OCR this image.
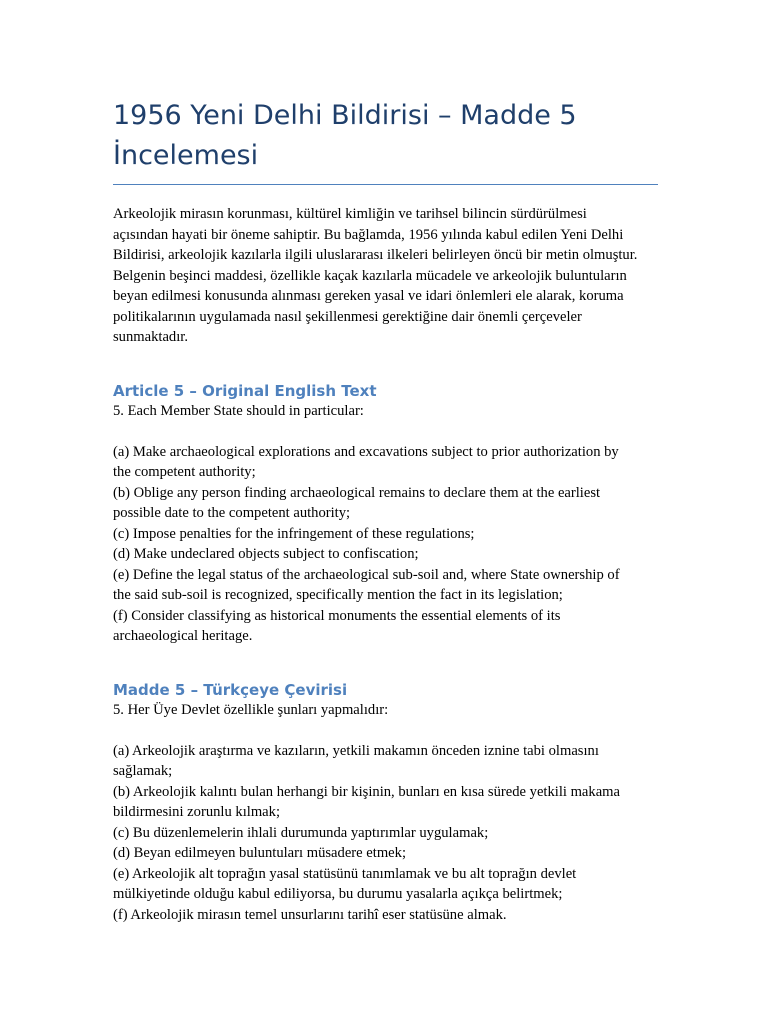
1956 Yeni Delhi Bildirisi – Madde 5
İncelemesi

Arkeolojik mirasın korunması, kültürel kimliğin ve tarihsel bilincin sürdürülmesi
açısından hayati bir öneme sahiptir. Bu bağlamda, 1956 yılında kabul edilen Yeni Delhi
Bildirisi, arkeolojik kazılarla ilgili uluslararası ilkeleri belirleyen öncü bir metin olmuştur.
Belgenin beşinci maddesi, özellikle kaçak kazılarla mücadele ve arkeolojik buluntuların
beyan edilmesi konusunda alınması gereken yasal ve idari önlemleri ele alarak, koruma
politikalarının uygulamada nasıl şekillenmesi gerektiğine dair önemli çerçeveler
sunmaktadır.

Article 5 – Original English Text

5. Each Member State should in particular:

(a) Make archaeological explorations and excavations subject to prior authorization by
the competent authority;
(b) Oblige any person finding archaeological remains to declare them at the earliest
possible date to the competent authority;
(c) Impose penalties for the infringement of these regulations;
(d) Make undeclared objects subject to confiscation;
(e) Define the legal status of the archaeological sub-soil and, where State ownership of
the said sub-soil is recognized, specifically mention the fact in its legislation;
(f) Consider classifying as historical monuments the essential elements of its
archaeological heritage.

Madde 5 – Türkçeye Çevirisi

5. Her Üye Devlet özellikle şunları yapmalıdır:

(a) Arkeolojik araştırma ve kazıların, yetkili makamın önceden iznine tabi olmasını
sağlamak;
(b) Arkeolojik kalıntı bulan herhangi bir kişinin, bunları en kısa sürede yetkili makama
bildirmesini zorunlu kılmak;
(c) Bu düzenlemelerin ihlali durumunda yaptırımlar uygulamak;
(d) Beyan edilmeyen buluntuları müsadere etmek;
(e) Arkeolojik alt toprağın yasal statüsünü tanımlamak ve bu alt toprağın devlet
mülkiyetinde olduğu kabul ediliyorsa, bu durumu yasalarla açıkça belirtmek;
(f) Arkeolojik mirasın temel unsurlarını tarihî eser statüsüne almak.
